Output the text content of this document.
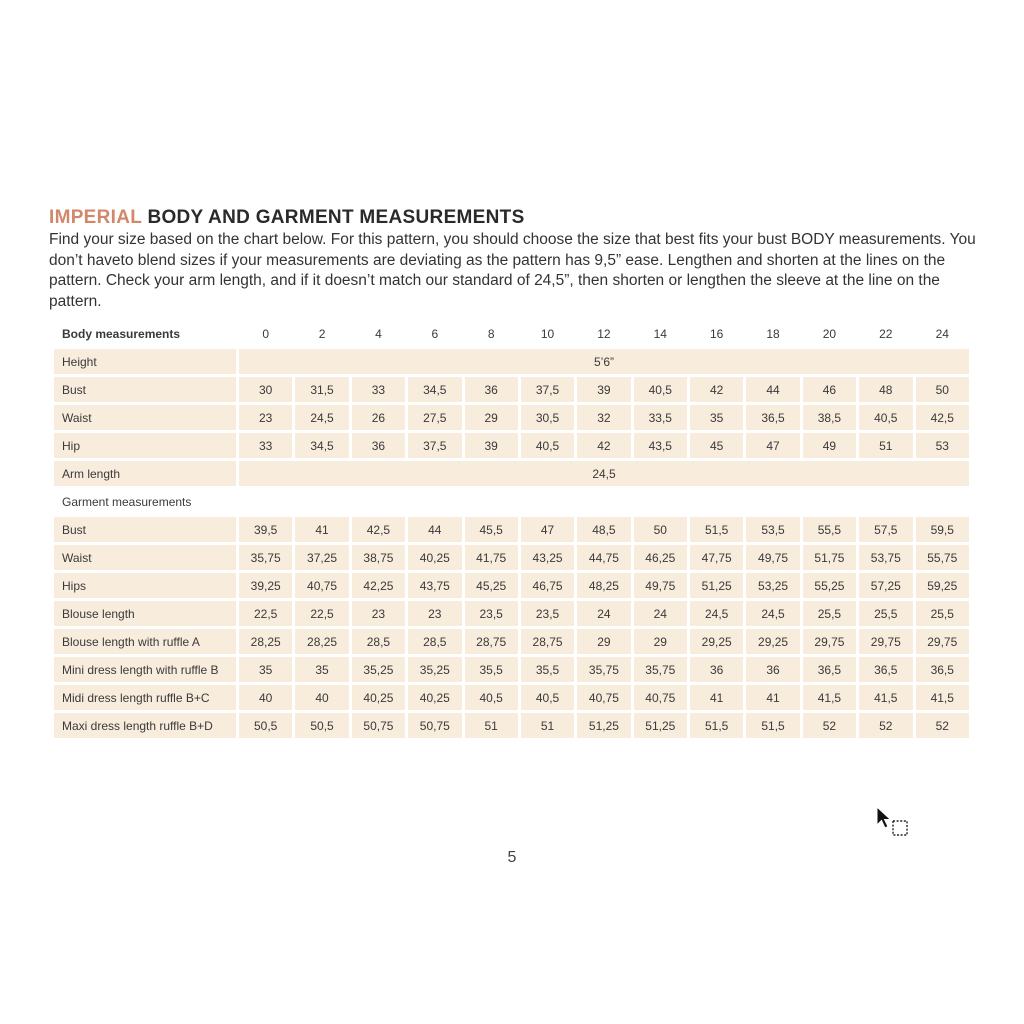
IMPERIAL BODY AND GARMENT MEASUREMENTS
Find your size based on the chart below. For this pattern, you should choose the size that best fits your bust BODY measurements. You don’t haveto blend sizes if your measurements are deviating as the pattern has 9,5” ease. Lengthen and shorten at the lines on the pattern. Check your arm length, and if it doesn’t match our standard of 24,5”, then shorten or lengthen the sleeve at the line on the pattern.
Body measurements	0	2	4	6	8	10	12	14	16	18	20	22	24
Height	5’6”												
Bust	30	31,5	33	34,5	36	37,5	39	40,5	42	44	46	48	50
Waist	23	24,5	26	27,5	29	30,5	32	33,5	35	36,5	38,5	40,5	42,5
Hip	33	34,5	36	37,5	39	40,5	42	43,5	45	47	49	51	53
Arm length	24,5												
Garment measurements													
Bust	39,5	41	42,5	44	45,5	47	48,5	50	51,5	53,5	55,5	57,5	59,5
Waist	35,75	37,25	38,75	40,25	41,75	43,25	44,75	46,25	47,75	49,75	51,75	53,75	55,75
Hips	39,25	40,75	42,25	43,75	45,25	46,75	48,25	49,75	51,25	53,25	55,25	57,25	59,25
Blouse length	22,5	22,5	23	23	23,5	23,5	24	24	24,5	24,5	25,5	25,5	25,5
Blouse length with ruffle A	28,25	28,25	28,5	28,5	28,75	28,75	29	29	29,25	29,25	29,75	29,75	29,75
Mini dress length with ruffle B	35	35	35,25	35,25	35,5	35,5	35,75	35,75	36	36	36,5	36,5	36,5
Midi dress length ruffle B+C	40	40	40,25	40,25	40,5	40,5	40,75	40,75	41	41	41,5	41,5	41,5
Maxi dress length ruffle B+D	50,5	50,5	50,75	50,75	51	51	51,25	51,25	51,5	51,5	52	52	52
5
